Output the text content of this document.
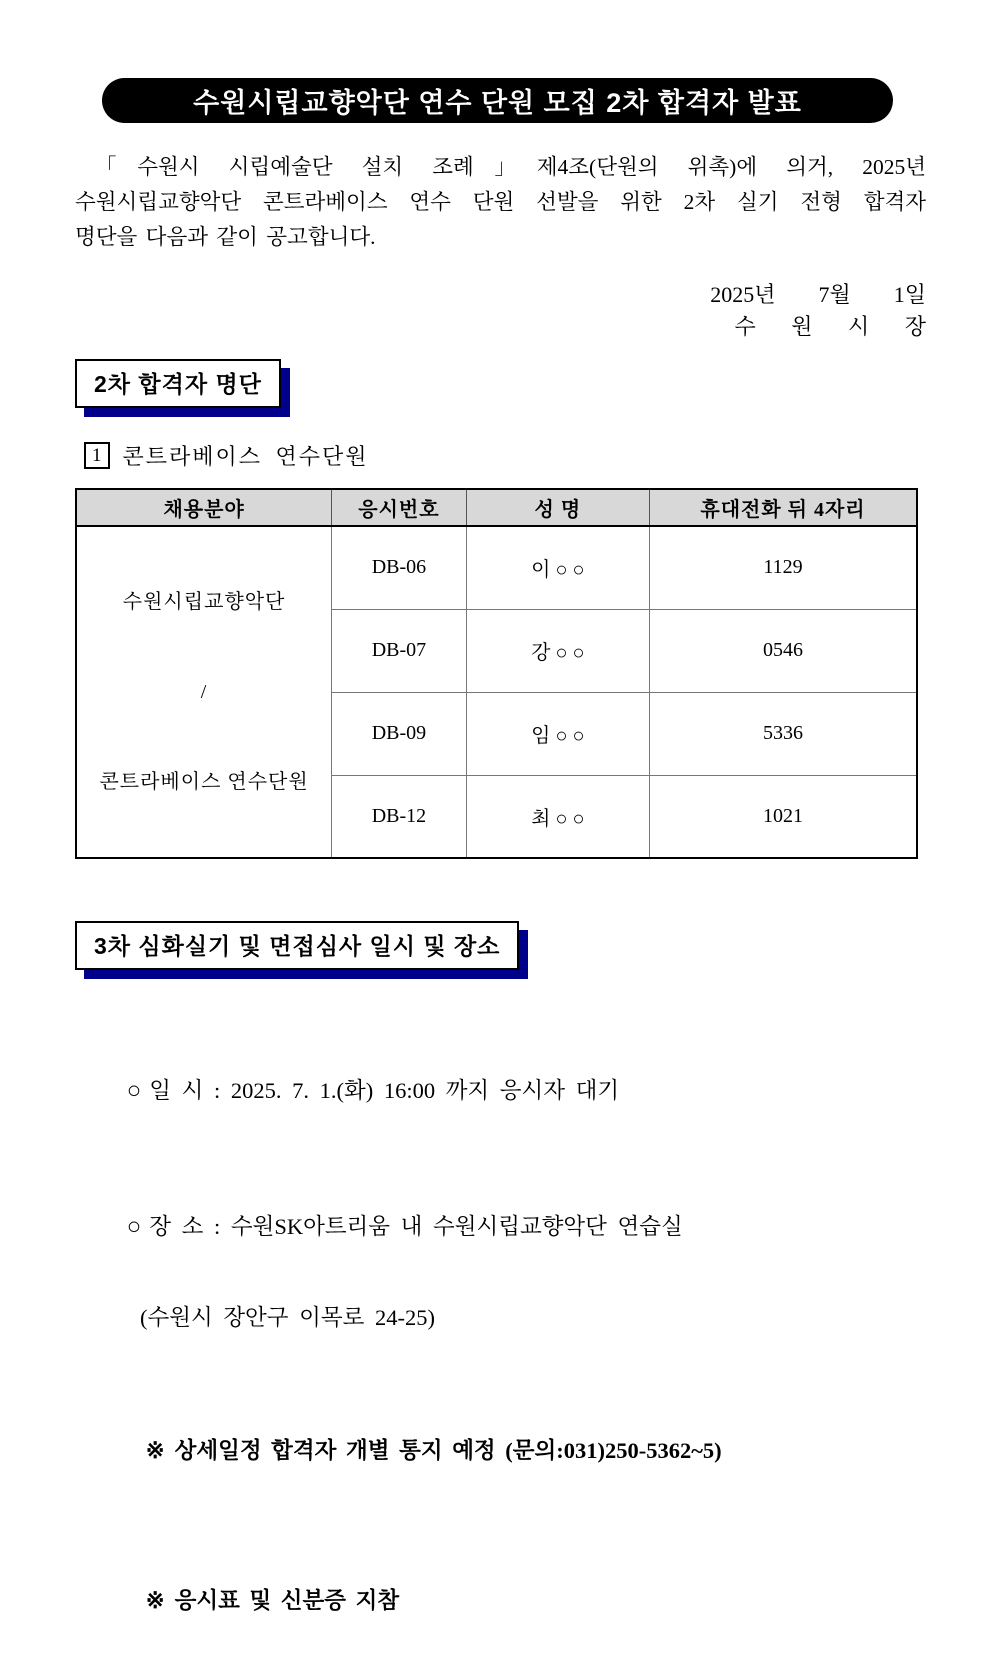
수원시립교향악단 연수 단원 모집 2차 합격자 발표
「수원시 시립예술단 설치 조례」제4조(단원의 위촉)에 의거, 2025년
수원시립교향악단 콘트라베이스 연수 단원 선발을 위한 2차 실기 전형 합격자
명단을 다음과 같이 공고합니다.
2025년  7월  1일
수 원 시 장
2차 합격자 명단
1 콘트라베이스 연수단원
채용분야	응시번호	성 명	휴대전화 뒤 4자리

수원시립교향악단

/

콘트라베이스 연수단원	DB-06	이 ○ ○	1129
	DB-07	강 ○ ○	0546
	DB-09	임 ○ ○	5336
	DB-12	최 ○ ○	1021
3차 심화실기 및 면접심사 일시 및 장소

○ 일 시 : 2025. 7. 1.(화) 16:00 까지 응시자 대기

○ 장 소 : 수원SK아트리움 내 수원시립교향악단 연습실

(수원시 장안구 이목로 24-25)

※ 상세일정 합격자 개별 통지 예정 (문의:031)250-5362~5)

※ 응시표 및 신분증 지참
